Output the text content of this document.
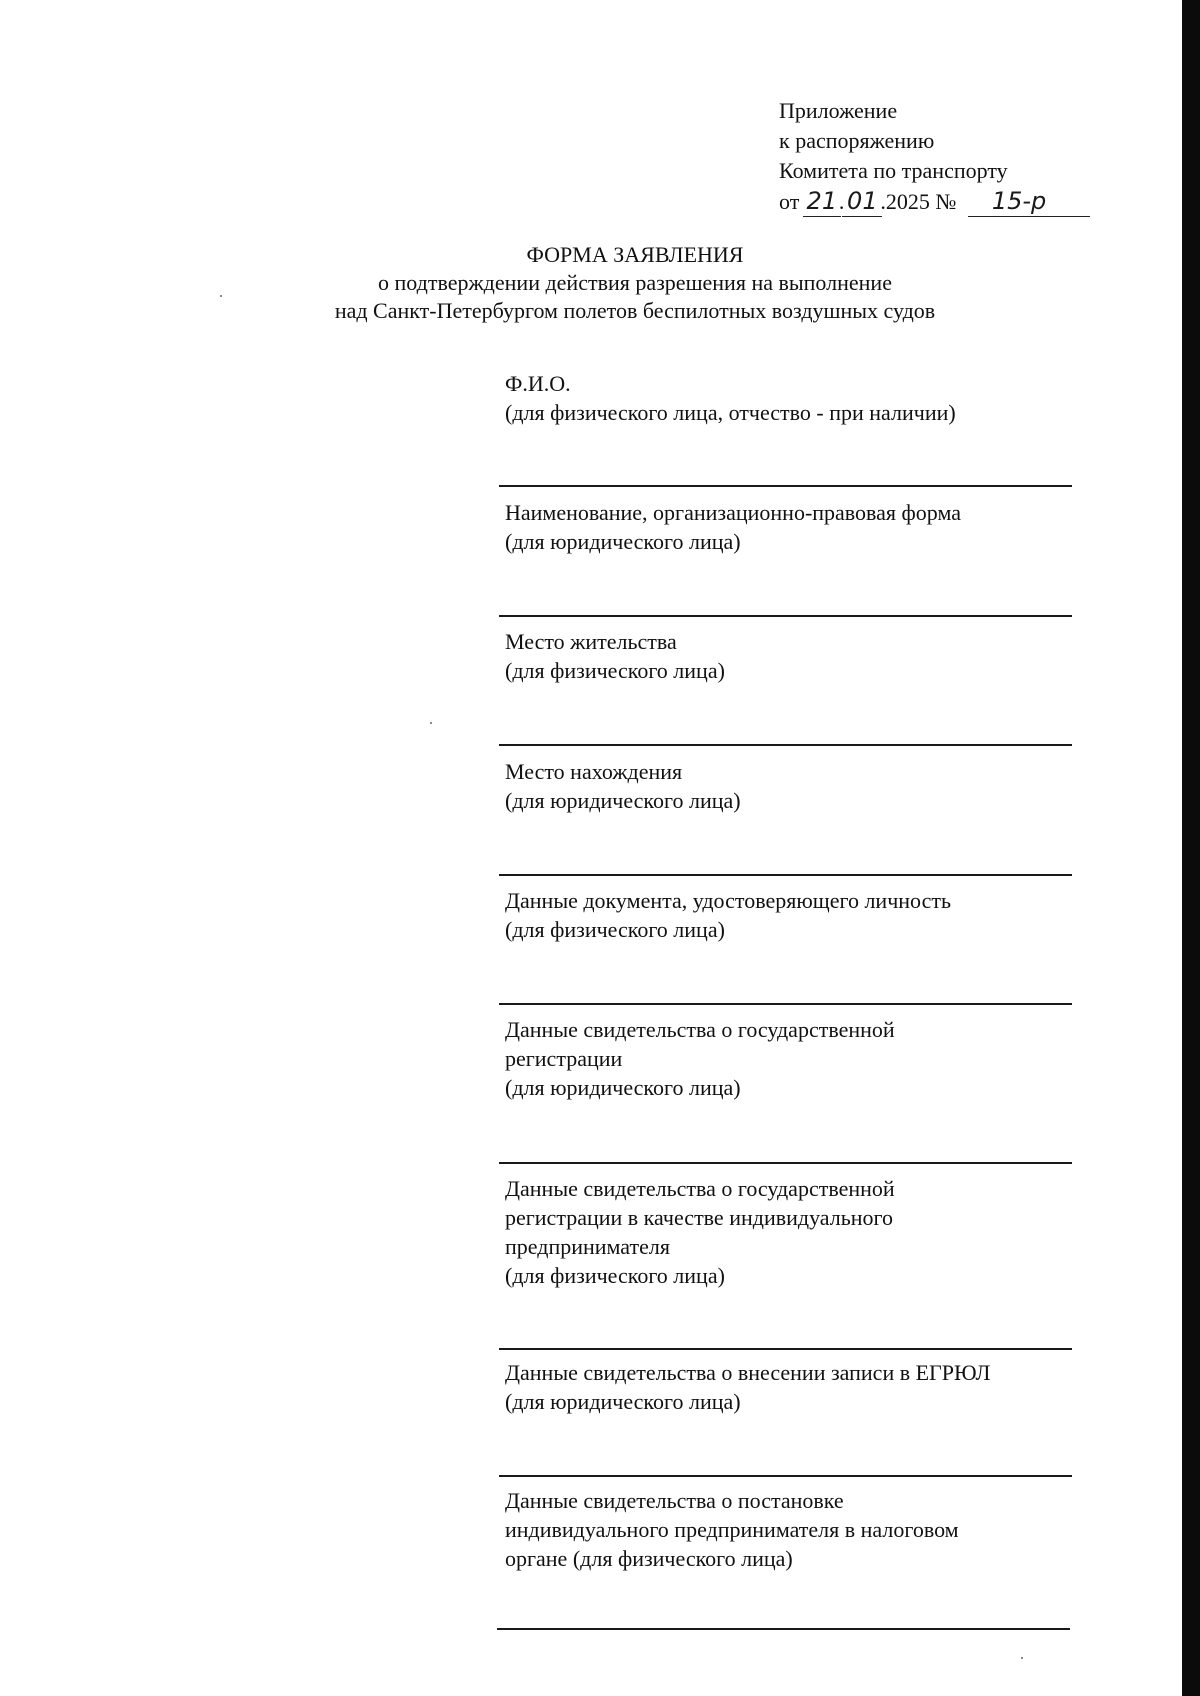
Приложение
к распоряжению
Комитета по транспорту
от 21
. 01 .2025 № 15-р
ФОРМА ЗАЯВЛЕНИЯ
о подтверждении действия разрешения на выполнение
над Санкт-Петербургом полетов беспилотных воздушных судов
Ф.И.О.
(для физического лица, отчество - при наличии)
Наименование, организационно-правовая форма
(для юридического лица)
Место жительства
(для физического лица)
Место нахождения
(для юридического лица)
Данные документа, удостоверяющего личность
(для физического лица)
Данные свидетельства о государственной
регистрации
(для юридического лица)
Данные свидетельства о государственной
регистрации в качестве индивидуального
предпринимателя
(для физического лица)
Данные свидетельства о внесении записи в ЕГРЮЛ
(для юридического лица)
Данные свидетельства о постановке
индивидуального предпринимателя в налоговом
органе (для физического лица)
